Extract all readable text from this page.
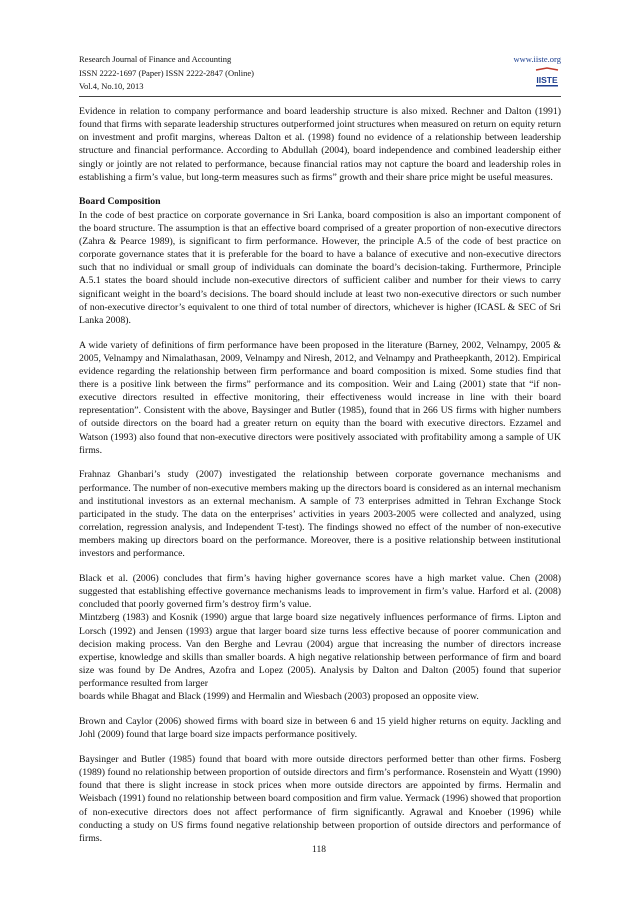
Research Journal of Finance and Accounting
ISSN 2222-1697 (Paper) ISSN 2222-2847 (Online)
Vol.4, No.10, 2013
www.iiste.org
IISTE

Evidence in relation to company performance and board leadership structure is also mixed. Rechner and Dalton (1991) found that firms with separate leadership structures outperformed joint structures when measured on return on equity return on investment and profit margins, whereas Dalton et al. (1998) found no evidence of a relationship between leadership structure and financial performance. According to Abdullah (2004), board independence and combined leadership either singly or jointly are not related to performance, because financial ratios may not capture the board and leadership roles in establishing a firm’s value, but long-term measures such as firms” growth and their share price might be useful measures.

Board Composition

In the code of best practice on corporate governance in Sri Lanka, board composition is also an important component of the board structure. The assumption is that an effective board comprised of a greater proportion of non-executive directors (Zahra & Pearce 1989), is significant to firm performance. However, the principle A.5 of the code of best practice on corporate governance states that it is preferable for the board to have a balance of executive and non-executive directors such that no individual or small group of individuals can dominate the board’s decision-taking. Furthermore, Principle A.5.1 states the board should include non-executive directors of sufficient caliber and number for their views to carry significant weight in the board’s decisions. The board should include at least two non-executive directors or such number of non-executive director’s equivalent to one third of total number of directors, whichever is higher (ICASL & SEC of Sri Lanka 2008).

A wide variety of definitions of firm performance have been proposed in the literature (Barney, 2002, Velnampy, 2005 & 2005, Velnampy and Nimalathasan, 2009, Velnampy and Niresh, 2012, and Velnampy and Pratheepkanth, 2012). Empirical evidence regarding the relationship between firm performance and board composition is mixed. Some studies find that there is a positive link between the firms” performance and its composition. Weir and Laing (2001) state that “if non-executive directors resulted in effective monitoring, their effectiveness would increase in line with their board representation”. Consistent with the above, Baysinger and Butler (1985), found that in 266 US firms with higher numbers of outside directors on the board had a greater return on equity than the board with executive directors. Ezzamel and Watson (1993) also found that non-executive directors were positively associated with profitability among a sample of UK firms.

Frahnaz Ghanbari’s study (2007) investigated the relationship between corporate governance mechanisms and performance. The number of non-executive members making up the directors board is considered as an internal mechanism and institutional investors as an external mechanism. A sample of 73 enterprises admitted in Tehran Exchange Stock participated in the study. The data on the enterprises’ activities in years 2003-2005 were collected and analyzed, using correlation, regression analysis, and Independent T-test). The findings showed no effect of the number of non-executive members making up directors board on the performance. Moreover, there is a positive relationship between institutional investors and performance.

Black et al. (2006) concludes that firm’s having higher governance scores have a high market value. Chen (2008) suggested that establishing effective governance mechanisms leads to improvement in firm’s value. Harford et al. (2008) concluded that poorly governed firm’s destroy firm’s value.

Mintzberg (1983) and Kosnik (1990) argue that large board size negatively influences performance of firms. Lipton and Lorsch (1992) and Jensen (1993) argue that larger board size turns less effective because of poorer communication and decision making process. Van den Berghe and Levrau (2004) argue that increasing the number of directors increase expertise, knowledge and skills than smaller boards. A high negative relationship between performance of firm and board size was found by De Andres, Azofra and Lopez (2005). Analysis by Dalton and Dalton (2005) found that superior performance resulted from larger

boards while Bhagat and Black (1999) and Hermalin and Wiesbach (2003) proposed an opposite view.

Brown and Caylor (2006) showed firms with board size in between 6 and 15 yield higher returns on equity. Jackling and Johl (2009) found that large board size impacts performance positively.

Baysinger and Butler (1985) found that board with more outside directors performed better than other firms. Fosberg (1989) found no relationship between proportion of outside directors and firm’s performance. Rosenstein and Wyatt (1990) found that there is slight increase in stock prices when more outside directors are appointed by firms. Hermalin and Weisbach (1991) found no relationship between board composition and firm value. Yermack (1996) showed that proportion of non-executive directors does not affect performance of firm significantly. Agrawal and Knoeber (1996) while conducting a study on US firms found negative relationship between proportion of outside directors and performance of firms.

118
